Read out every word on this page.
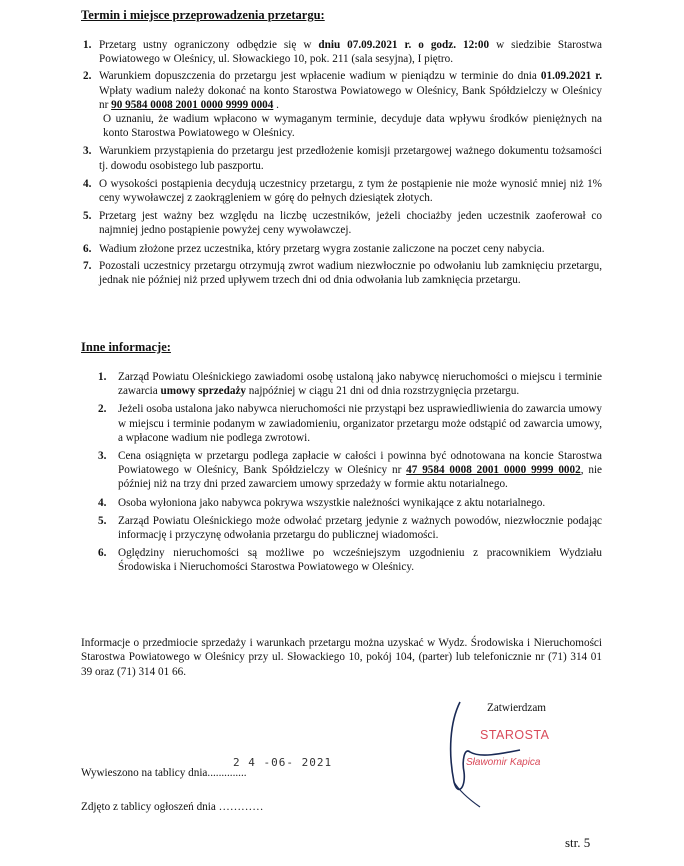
Termin i miejsce przeprowadzenia przetargu:
1. Przetarg ustny ograniczony odbędzie się w dniu 07.09.2021 r. o godz. 12:00 w siedzibie Starostwa Powiatowego w Oleśnicy, ul. Słowackiego 10, pok. 211 (sala sesyjna), I piętro.
2. Warunkiem dopuszczenia do przetargu jest wpłacenie wadium w pieniądzu w terminie do dnia 01.09.2021 r. Wpłaty wadium należy dokonać na konto Starostwa Powiatowego w Oleśnicy, Bank Spółdzielczy w Oleśnicy nr 90 9584 0008 2001 0000 9999 0004 .
O uznaniu, że wadium wpłacono w wymaganym terminie, decyduje data wpływu środków pieniężnych na konto Starostwa Powiatowego w Oleśnicy.
3. Warunkiem przystąpienia do przetargu jest przedłożenie komisji przetargowej ważnego dokumentu tożsamości tj. dowodu osobistego lub paszportu.
4. O wysokości postąpienia decydują uczestnicy przetargu, z tym że postąpienie nie może wynosić mniej niż 1% ceny wywoławczej z zaokrągleniem w górę do pełnych dziesiątek złotych.
5. Przetarg jest ważny bez względu na liczbę uczestników, jeżeli chociażby jeden uczestnik zaoferował co najmniej jedno postąpienie powyżej ceny wywoławczej.
6. Wadium złożone przez uczestnika, który przetarg wygra zostanie zaliczone na poczet ceny nabycia.
7. Pozostali uczestnicy przetargu otrzymują zwrot wadium niezwłocznie po odwołaniu lub zamknięciu przetargu, jednak nie później niż przed upływem trzech dni od dnia odwołania lub zamknięcia przetargu.
Inne informacje:
1. Zarząd Powiatu Oleśnickiego zawiadomi osobę ustaloną jako nabywcę nieruchomości o miejscu i terminie zawarcia umowy sprzedaży najpóźniej w ciągu 21 dni od dnia rozstrzygnięcia przetargu.
2. Jeżeli osoba ustalona jako nabywca nieruchomości nie przystąpi bez usprawiedliwienia do zawarcia umowy w miejscu i terminie podanym w zawiadomieniu, organizator przetargu może odstąpić od zawarcia umowy, a wpłacone wadium nie podlega zwrotowi.
3. Cena osiągnięta w przetargu podlega zapłacie w całości i powinna być odnotowana na koncie Starostwa Powiatowego w Oleśnicy, Bank Spółdzielczy w Oleśnicy nr 47 9584 0008 2001 0000 9999 0002, nie później niż na trzy dni przed zawarciem umowy sprzedaży w formie aktu notarialnego.
4. Osoba wyłoniona jako nabywca pokrywa wszystkie należności wynikające z aktu notarialnego.
5. Zarząd Powiatu Oleśnickiego może odwołać przetarg jedynie z ważnych powodów, niezwłocznie podając informację i przyczynę odwołania przetargu do publicznej wiadomości.
6. Oględziny nieruchomości są możliwe po wcześniejszym uzgodnieniu z pracownikiem Wydziału Środowiska i Nieruchomości Starostwa Powiatowego w Oleśnicy.
Informacje o przedmiocie sprzedaży i warunkach przetargu można uzyskać w Wydz. Środowiska i Nieruchomości Starostwa Powiatowego w Oleśnicy przy ul. Słowackiego 10, pokój 104, (parter) lub telefonicznie nr (71) 314 01 39 oraz (71) 314 01 66.
Zatwierdzam
STAROSTA
Sławomir Kapica
2 4 -06- 2021
Wywieszono na tablicy dnia..............
Zdjęto z tablicy ogłoszeń dnia …………
str. 5
